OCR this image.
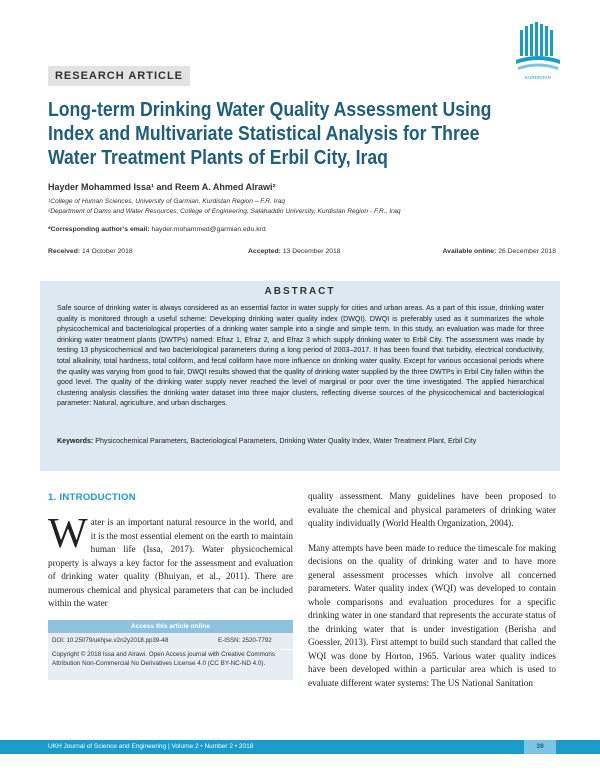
KURDISTAN
RESEARCH ARTICLE
Long-term Drinking Water Quality Assessment Using
Index and Multivariate Statistical Analysis for Three
Water Treatment Plants of Erbil City, Iraq
Hayder Mohammed Issa¹ and Reem A. Ahmed Alrawi²
¹College of Human Sciences, University of Garmian, Kurdistan Region – F.R. Iraq
²Department of Dams and Water Resources, College of Engineering, Salahaddin University, Kurdistan Region - F.R., Iraq
*Corresponding author’s email: hayder.mohammed@garmian.edu.krd
Received: 14 October 2018	Accepted: 13 December 2018	Available online: 26 December 2018
ABSTRACT
Safe source of drinking water is always considered as an essential factor in water supply for cities and urban areas. As a part of this issue, drinking water quality is monitored through a useful scheme: Developing drinking water quality index (DWQI). DWQI is preferably used as it summarizes the whole physicochemical and bacteriological properties of a drinking water sample into a single and simple term. In this study, an evaluation was made for three drinking water treatment plants (DWTPs) named: Efraz 1, Efraz 2, and Efraz 3 which supply drinking water to Erbil City. The assessment was made by testing 13 physicochemical and two bacteriological parameters during a long period of 2003–2017. It has been found that turbidity, electrical conductivity, total alkalinity, total hardness, total coliform, and fecal coliform have more influence on drinking water quality. Except for various occasional periods where the quality was varying from good to fair, DWQI results showed that the quality of drinking water supplied by the three DWTPs in Erbil City fallen within the good level. The quality of the drinking water supply never reached the level of marginal or poor over the time investigated. The applied hierarchical clustering analysis classifies the drinking water dataset into three major clusters, reflecting diverse sources of the physicochemical and bacteriological parameter: Natural, agriculture, and urban discharges.
Keywords: Physicochemical Parameters, Bacteriological Parameters, Drinking Water Quality Index, Water Treatment Plant, Erbil City
1. INTRODUCTION
W ater is an important natural resource in the world, and it is the most essential element on the earth to maintain human life (Issa, 2017). Water physicochemical property is always a key factor for the assessment and evaluation of drinking water quality (Bhuiyan, et al., 2011). There are numerous chemical and physical parameters that can be included within the water

quality assessment. Many guidelines have been proposed to evaluate the chemical and physical parameters of drinking water quality individually (World Health Organization, 2004).

Many attempts have been made to reduce the timescale for making decisions on the quality of drinking water and to have more general assessment processes which involve all concerned parameters. Water quality index (WQI) was developed to contain whole comparisons and evaluation procedures for a specific drinking water in one standard that represents the accurate status of the drinking water that is under investigation (Berisha and Goessler, 2013). First attempt to build such standard that called the WQI was done by Horton, 1965. Various water quality indices have been developed within a particular area which is used to evaluate different water systems: The US National Sanitation

Access this article online
DOI: 10.25079/ukhjse.v2n2y2018.pp39-48	E-ISSN: 2520-7792
Copyright © 2018 Issa and Alrawi. Open Access journal with Creative Commons Attribution Non-Commercial No Derivatives License 4.0 (CC BY-NC-ND 4.0).
UKH Journal of Science and Engineering | Volume 2 • Number 2 • 2018	39
